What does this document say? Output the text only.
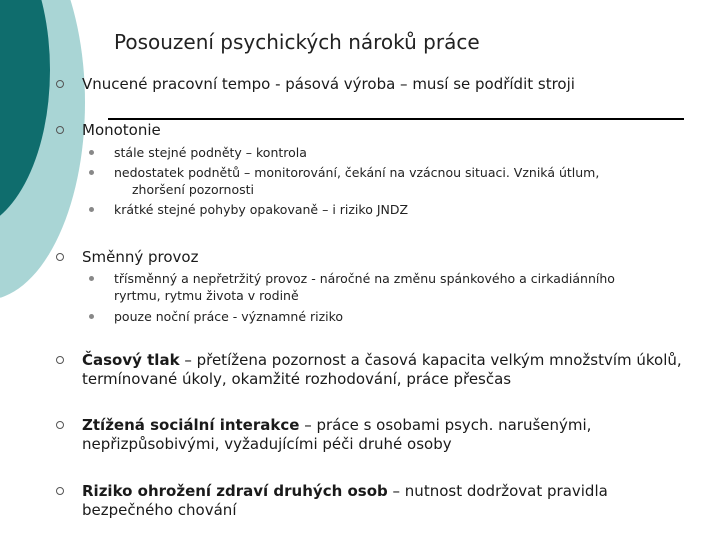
Posouzení psychických nároků práce
Vnucené pracovní tempo - pásová výroba – musí se podřídit stroji
Monotonie
stále stejné podněty – kontrola
nedostatek podnětů – monitorování, čekání na vzácnou situaci. Vzniká útlum,
zhoršení pozornosti
krátké stejné pohyby opakovaně – i riziko JNDZ
Směnný provoz
třísměnný a nepřetržitý provoz - náročné na změnu spánkového a cirkadiánního ryrtmu, rytmu života v rodině
pouze noční práce - významné riziko
Časový tlak – přetížena pozornost a časová kapacita velkým množstvím úkolů, termínované úkoly, okamžité rozhodování, práce přesčas
Ztížená sociální interakce – práce s osobami psych. narušenými, nepřizpůsobivými, vyžadujícími péči druhé osoby
Riziko ohrožení zdraví druhých osob – nutnost dodržovat pravidla bezpečného chování
